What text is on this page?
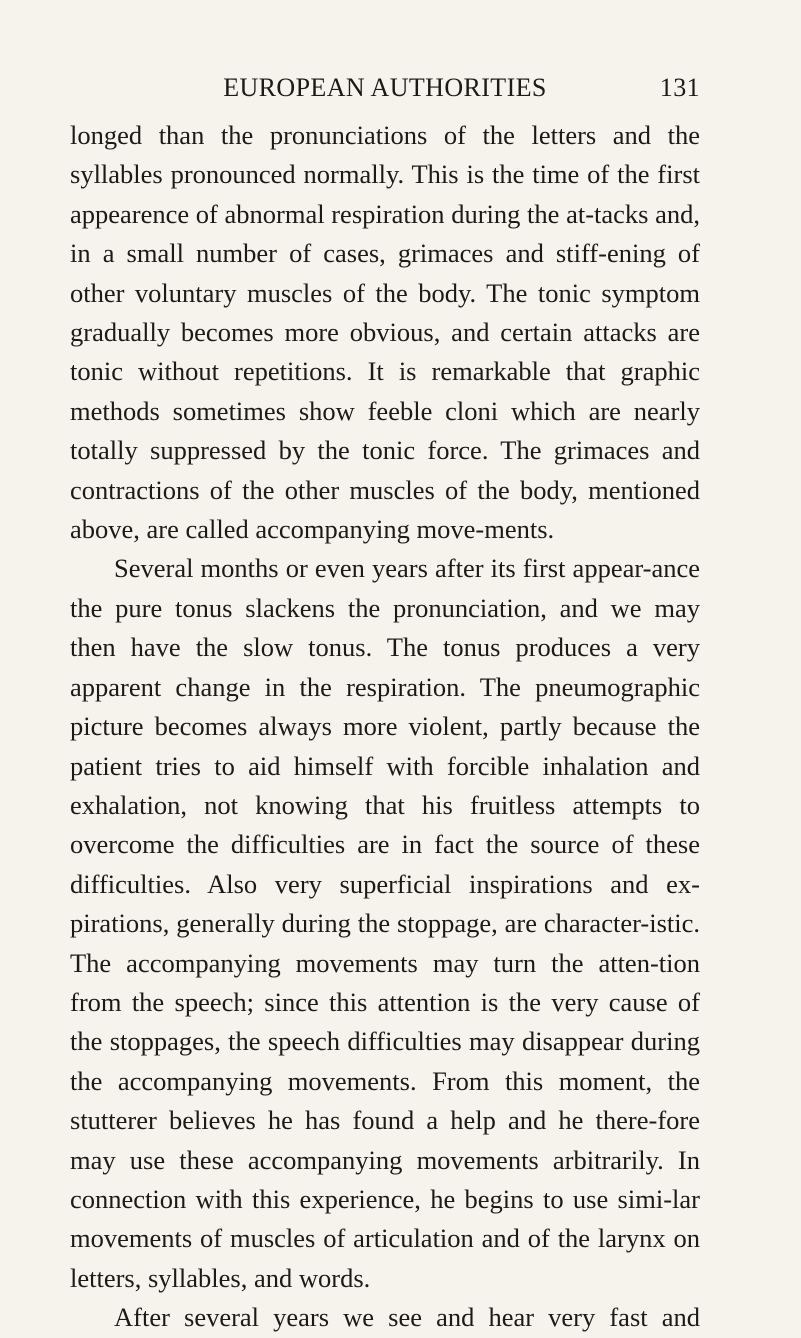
EUROPEAN AUTHORITIES	131

longed than the pronunciations of the letters and the syllables pronounced normally. This is the time of the first appearence of abnormal respiration during the at-tacks and, in a small number of cases, grimaces and stiff-ening of other voluntary muscles of the body. The tonic symptom gradually becomes more obvious, and certain attacks are tonic without repetitions. It is remarkable that graphic methods sometimes show feeble cloni which are nearly totally suppressed by the tonic force. The grimaces and contractions of the other muscles of the body, mentioned above, are called accompanying move-ments.

Several months or even years after its first appear-ance the pure tonus slackens the pronunciation, and we may then have the slow tonus. The tonus produces a very apparent change in the respiration. The pneumographic picture becomes always more violent, partly because the patient tries to aid himself with forcible inhalation and exhalation, not knowing that his fruitless attempts to overcome the difficulties are in fact the source of these difficulties. Also very superficial inspirations and ex-pirations, generally during the stoppage, are character-istic. The accompanying movements may turn the atten-tion from the speech; since this attention is the very cause of the stoppages, the speech difficulties may disappear during the accompanying movements. From this moment, the stutterer believes he has found a help and he there-fore may use these accompanying movements arbitrarily. In connection with this experience, he begins to use simi-lar movements of muscles of articulation and of the larynx on letters, syllables, and words.

After several years we see and hear very fast and
